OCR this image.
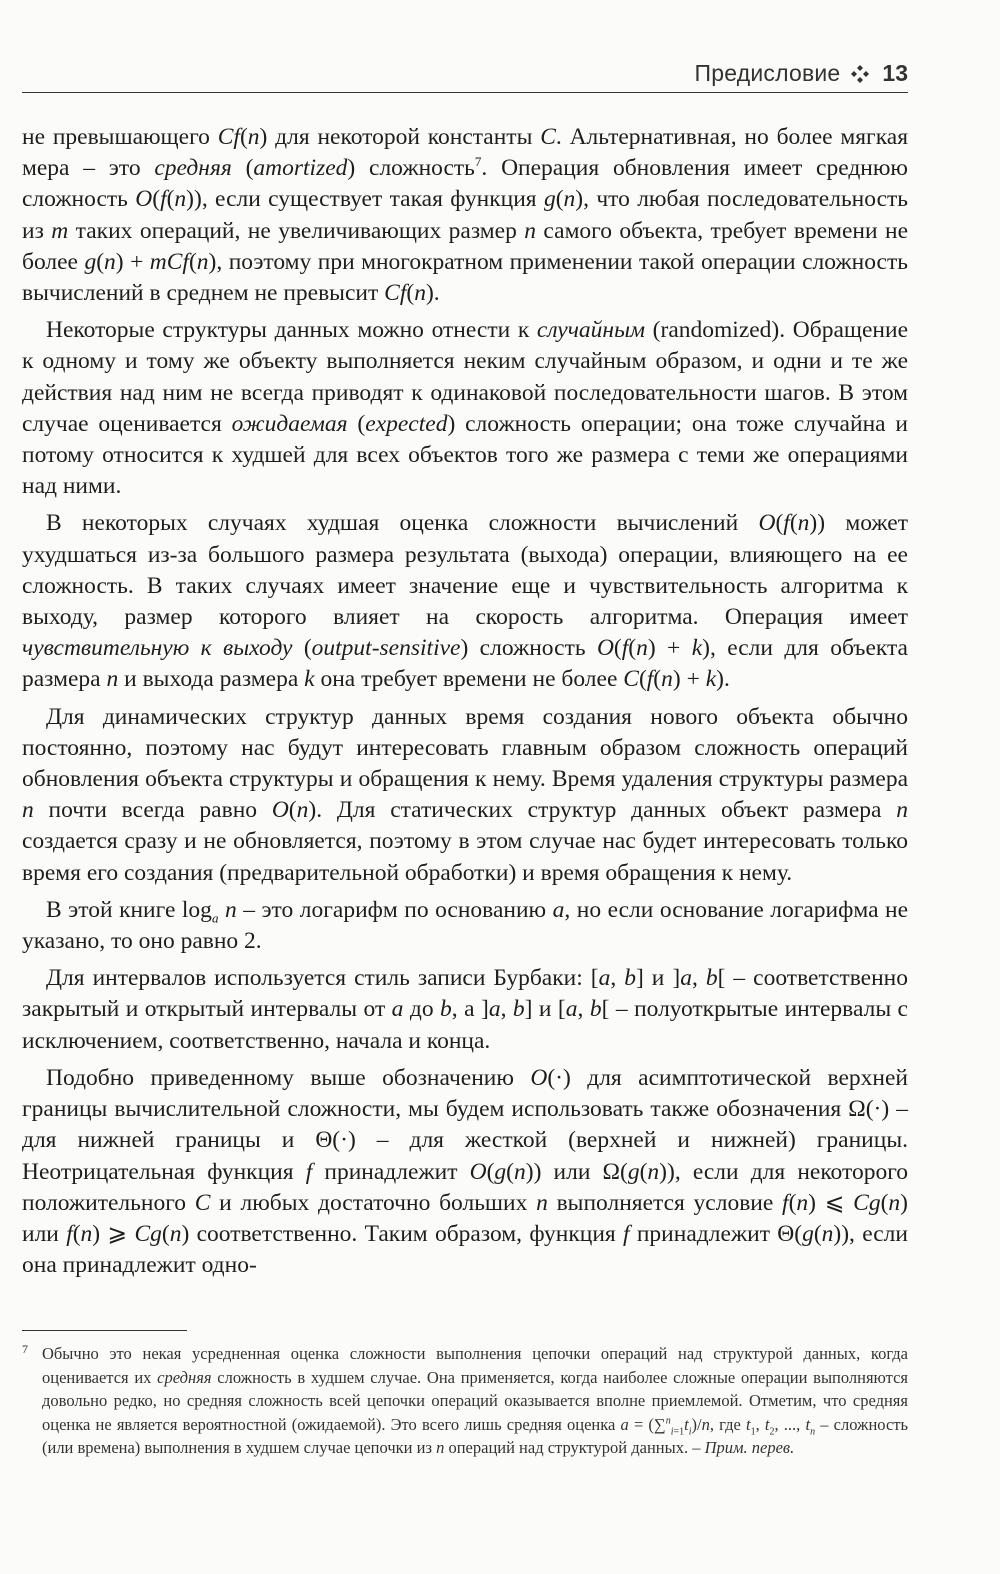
Предисловие 13

не превышающего Cf(n) для некоторой константы C. Альтернативная, но более мягкая мера – это средняя (amortized) сложность$^7$. Операция обновления имеет среднюю сложность O(f(n)), если существует такая функция g(n), что любая последовательность из m таких операций, не увеличивающих размер n самого объекта, требует времени не более g(n) + mCf(n), поэтому при многократном применении такой операции сложность вычислений в среднем не превысит Cf(n).

Некоторые структуры данных можно отнести к случайным (randomized). Обращение к одному и тому же объекту выполняется неким случайным образом, и одни и те же действия над ним не всегда приводят к одинаковой последовательности шагов. В этом случае оценивается ожидаемая (expected) сложность операции; она тоже случайна и потому относится к худшей для всех объектов того же размера с теми же операциями над ними.

В некоторых случаях худшая оценка сложности вычислений O(f(n)) может ухудшаться из-за большого размера результата (выхода) операции, влияющего на ее сложность. В таких случаях имеет значение еще и чувствительность алгоритма к выходу, размер которого влияет на скорость алгоритма. Операция имеет чувствительную к выходу (output-sensitive) сложность O(f(n) + k), если для объекта размера n и выхода размера k она требует времени не более C(f(n) + k).

Для динамических структур данных время создания нового объекта обычно постоянно, поэтому нас будут интересовать главным образом сложность операций обновления объекта структуры и обращения к нему. Время удаления структуры размера n почти всегда равно O(n). Для статических структур данных объект размера n создается сразу и не обновляется, поэтому в этом случае нас будет интересовать только время его создания (предварительной обработки) и время обращения к нему.

В этой книге $\log_a n$ – это логарифм по основанию a, но если основание логарифма не указано, то оно равно 2.

Для интервалов используется стиль записи Бурбаки: [a, b] и ]a, b[ – соответственно закрытый и открытый интервалы от a до b, а ]a, b] и [a, b[ – полуоткрытые интервалы с исключением, соответственно, начала и конца.

Подобно приведенному выше обозначению O(·) для асимптотической верхней границы вычислительной сложности, мы будем использовать также обозначения Ω(·) – для нижней границы и Θ(·) – для жесткой (верхней и нижней) границы. Неотрицательная функция f принадлежит O(g(n)) или Ω(g(n)), если для некоторого положительного C и любых достаточно больших n выполняется условие f(n) ⩽ Cg(n) или f(n) ⩾ Cg(n) соответственно. Таким образом, функция f принадлежит Θ(g(n)), если она принадлежит одно-

7 Обычно это некая усредненная оценка сложности выполнения цепочки операций над структурой данных, когда оценивается их средняя сложность в худшем случае. Она применяется, когда наиболее сложные операции выполняются довольно редко, но средняя сложность всей цепочки операций оказывается вполне приемлемой. Отметим, что средняя оценка не является вероятностной (ожидаемой). Это всего лишь средняя оценка $a = (\sum^n_{i=1}t_i)/n$, где $t_1$, $t_2$, ..., $t_n$ – сложность (или времена) выполнения в худшем случае цепочки из n операций над структурой данных. – Прим. перев.
